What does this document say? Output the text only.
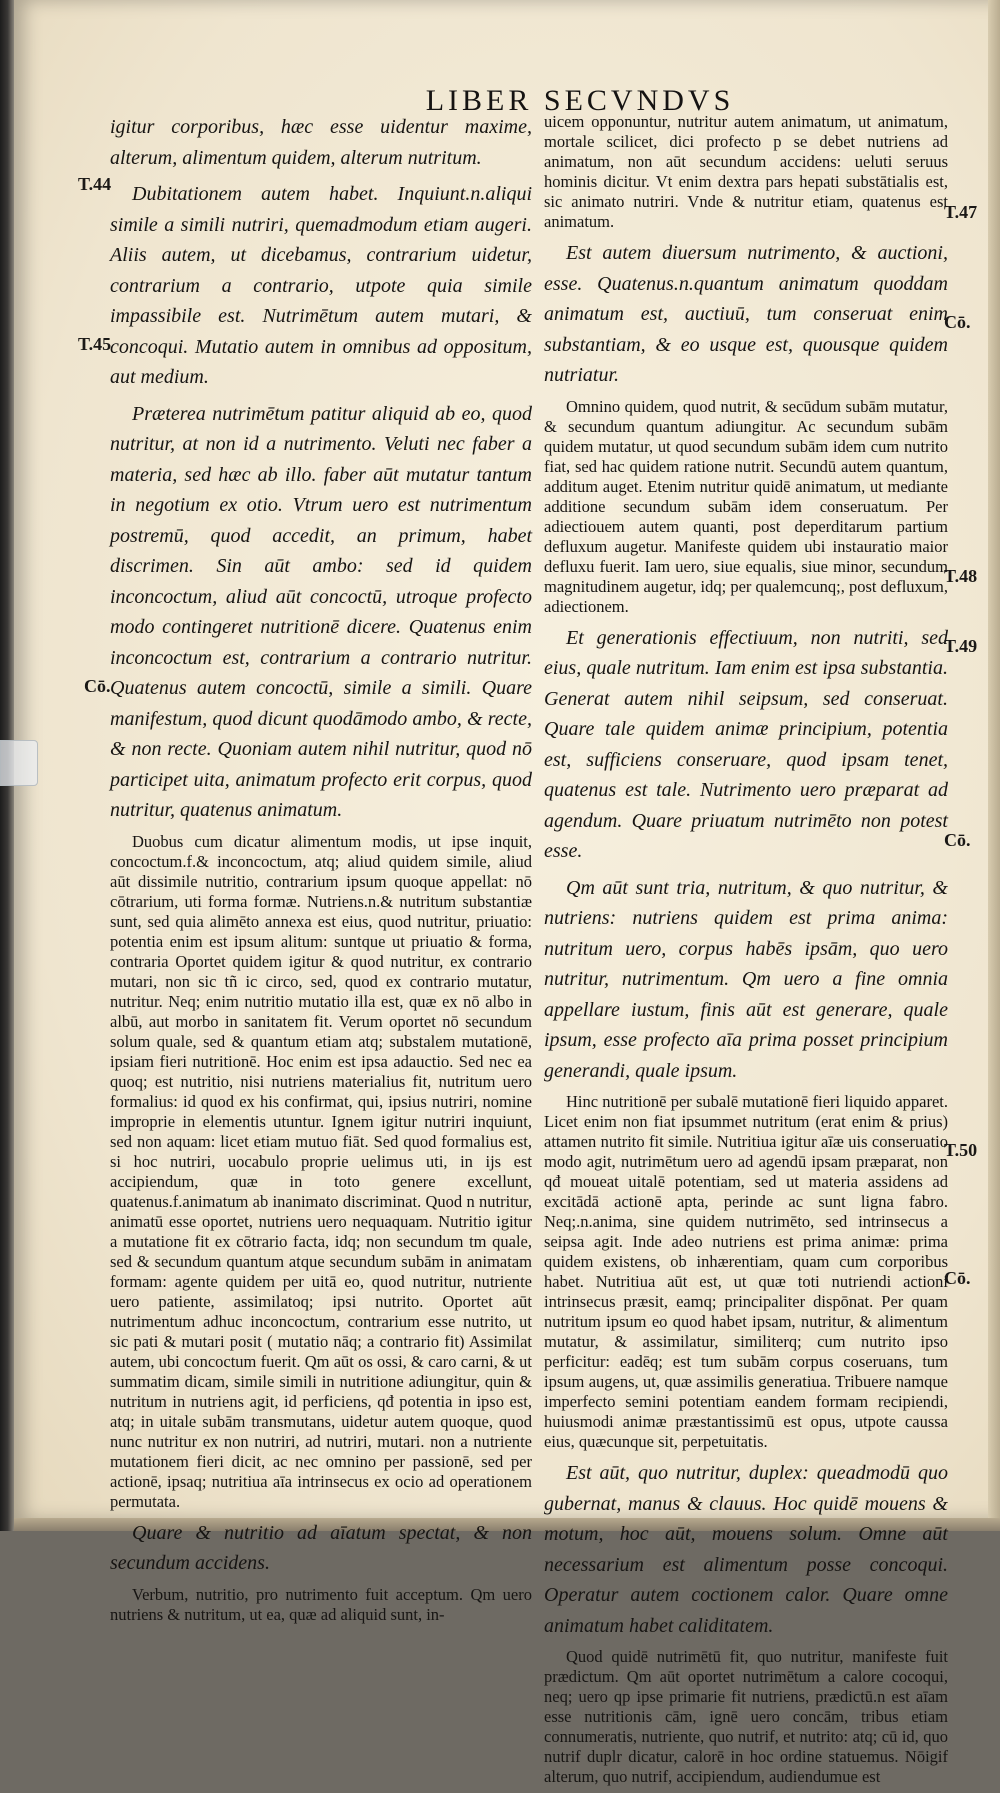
LIBER SECVNDVS

igitur corporibus, hæc esse uidentur maxime, alterum, alimentum quidem, alterum nutritum.

Dubitationem autem habet. Inquiunt.n.aliqui simile a simili nutriri, quemadmodum etiam augeri. Aliis autem, ut dicebamus, contrarium uidetur, contrarium a contrario, utpote quia simile impassibile est. Nutrimētum autem mutari, & concoqui. Mutatio autem in omnibus ad oppositum, aut medium.

Præterea nutrimētum patitur aliquid ab eo, quod nutritur, at non id a nutrimento. Veluti nec faber a materia, sed hæc ab illo. faber aūt mutatur tantum in negotium ex otio. Vtrum uero est nutrimentum postremū, quod accedit, an primum, habet discrimen. Sin aūt ambo: sed id quidem inconcoctum, aliud aūt concoctū, utroque profecto modo contingeret nutritionē dicere. Quatenus enim inconcoctum est, contrarium a contrario nutritur. Quatenus autem concoctū, simile a simili. Quare manifestum, quod dicunt quodāmodo ambo, & recte, & non recte. Quoniam autem nihil nutritur, quod nō participet uita, animatum profecto erit corpus, quod nutritur, quatenus animatum.

Duobus cum dicatur alimentum modis, ut ipse inquit, concoctum.f.& inconcoctum, atq; aliud quidem simile, aliud aūt dissimile nutritio, contrarium ipsum quoque appellat: nō cōtrarium, uti forma formæ. Nutriens.n.& nutritum substantiæ sunt, sed quia alimēto annexa est eius, quod nutritur, priuatio: potentia enim est ipsum alitum: suntque ut priuatio & forma, contraria Oportet quidem igitur & quod nutritur, ex contrario mutari, non sic tñ ic circo, sed, quod ex contrario mutatur, nutritur. Neq; enim nutritio mutatio illa est, quæ ex nō albo in albū, aut morbo in sanitatem fit. Verum oportet nō secundum solum quale, sed & quantum etiam atq; substalem mutationē, ipsiam fieri nutritionē. Hoc enim est ipsa adauctio. Sed nec ea quoq; est nutritio, nisi nutriens materialius fit, nutritum uero formalius: id quod ex his confirmat, qui, ipsius nutriri, nomine improprie in elementis utuntur. Ignem igitur nutriri inquiunt, sed non aquam: licet etiam mutuo fiāt. Sed quod formalius est, si hoc nutriri, uocabulo proprie uelimus uti, in ijs est accipiendum, quæ in toto genere excellunt, quatenus.f.animatum ab inanimato discriminat. Quod n nutritur, animatū esse oportet, nutriens uero nequaquam. Nutritio igitur a mutatione fit ex cōtrario facta, idq; non secundum tm quale, sed & secundum quantum atque secundum subām in animatam formam: agente quidem per uitā eo, quod nutritur, nutriente uero patiente, assimilatoq; ipsi nutrito. Oportet aūt nutrimentum adhuc inconcoctum, contrarium esse nutrito, ut sic pati & mutari posit ( mutatio nāq; a contrario fit) Assimilat autem, ubi concoctum fuerit. Qm aūt os ossi, & caro carni, & ut summatim dicam, simile simili in nutritione adiungitur, quin & nutritum in nutriens agit, id perficiens, qđ potentia in ipso est, atq; in uitale subām transmutans, uidetur autem quoque, quod nunc nutritur ex non nutriri, ad nutriri, mutari. non a nutriente mutationem fieri dicit, ac nec omnino per passionē, sed per actionē, ipsaq; nutritiua aīa intrinsecus ex ocio ad operationem permutata.

Quare & nutritio ad aīatum spectat, & non secundum accidens.

Verbum, nutritio, pro nutrimento fuit acceptum. Qm uero nutriens & nutritum, ut ea, quæ ad aliquid sunt, in-

uicem opponuntur, nutritur autem animatum, ut animatum, mortale scilicet, dici profecto p se debet nutriens ad animatum, non aūt secundum accidens: ueluti seruus hominis dicitur. Vt enim dextra pars hepati substātialis est, sic animato nutriri. Vnde & nutritur etiam, quatenus est animatum.

Est autem diuersum nutrimento, & auctioni, esse. Quatenus.n.quantum animatum quoddam animatum est, auctiuū, tum conseruat enim substantiam, & eo usque est, quousque quidem nutriatur.

Omnino quidem, quod nutrit, & secūdum subām mutatur, & secundum quantum adiungitur. Ac secundum subām quidem mutatur, ut quod secundum subām idem cum nutrito fiat, sed hac quidem ratione nutrit. Secundū autem quantum, additum auget. Etenim nutritur quidē animatum, ut mediante additione secundum subām idem conseruatum. Per adiectiouem autem quanti, post deperditarum partium defluxum augetur. Manifeste quidem ubi instauratio maior defluxu fuerit. Iam uero, siue equalis, siue minor, secundum magnitudinem augetur, idq; per qualemcunq;, post defluxum, adiectionem.

Et generationis effectiuum, non nutriti, sed eius, quale nutritum. Iam enim est ipsa substantia. Generat autem nihil seipsum, sed conseruat. Quare tale quidem animæ principium, potentia est, sufficiens conseruare, quod ipsam tenet, quatenus est tale. Nutrimento uero præparat ad agendum. Quare priuatum nutrimēto non potest esse.

Qm aūt sunt tria, nutritum, & quo nutritur, & nutriens: nutriens quidem est prima anima: nutritum uero, corpus habēs ipsām, quo uero nutritur, nutrimentum. Qm uero a fine omnia appellare iustum, finis aūt est generare, quale ipsum, esse profecto aīa prima posset principium generandi, quale ipsum.

Hinc nutritionē per subalē mutationē fieri liquido apparet. Licet enim non fiat ipsummet nutritum (erat enim & prius) attamen nutrito fit simile. Nutritiua igitur aīæ uis conseruatio modo agit, nutrimētum uero ad agendū ipsam præparat, non qđ moueat uitalē potentiam, sed ut materia assidens ad excitādā actionē apta, perinde ac sunt ligna fabro. Neq;.n.anima, sine quidem nutrimēto, sed intrinsecus a seipsa agit. Inde adeo nutriens est prima animæ: prima quidem existens, ob inhærentiam, quam cum corporibus habet. Nutritiua aūt est, ut quæ toti nutriendi actioni intrinsecus præsit, eamq; principaliter dispōnat. Per quam nutritum ipsum eo quod habet ipsam, nutritur, & alimentum mutatur, & assimilatur, similiterq; cum nutrito ipso perficitur: eadēq; est tum subām corpus coseruans, tum ipsum augens, ut, quæ assimilis generatiua. Tribuere namque imperfecto semini potentiam eandem formam recipiendi, huiusmodi animæ præstantissimū est opus, utpote caussa eius, quæcunque sit, perpetuitatis.

Est aūt, quo nutritur, duplex: queadmodū quo gubernat, manus & clauus. Hoc quidē mouens & motum, hoc aūt, mouens solum. Omne aūt necessarium est alimentum posse concoqui. Operatur autem coctionem calor. Quare omne animatum habet caliditatem.

Quod quidē nutrimētū fit, quo nutritur, manifeste fuit prædictum. Qm aūt oportet nutrimētum a calore cocoqui, neq; uero qp ipse primarie fit nutriens, prædictū.n est aīam esse nutritionis cām, ignē uero concām, tribus etiam connumeratis, nutriente, quo nutrif, et nutrito: atq; cū id, quo nutrif duplr dicatur, calorē in hoc ordine statuemus. Nōigif alterum, quo nutrif, accipiendum, audiendumue est

T.44
T.45
Cō.
T.47
Cō.
T.48
T.49
Cō.
T.50
Cō.
